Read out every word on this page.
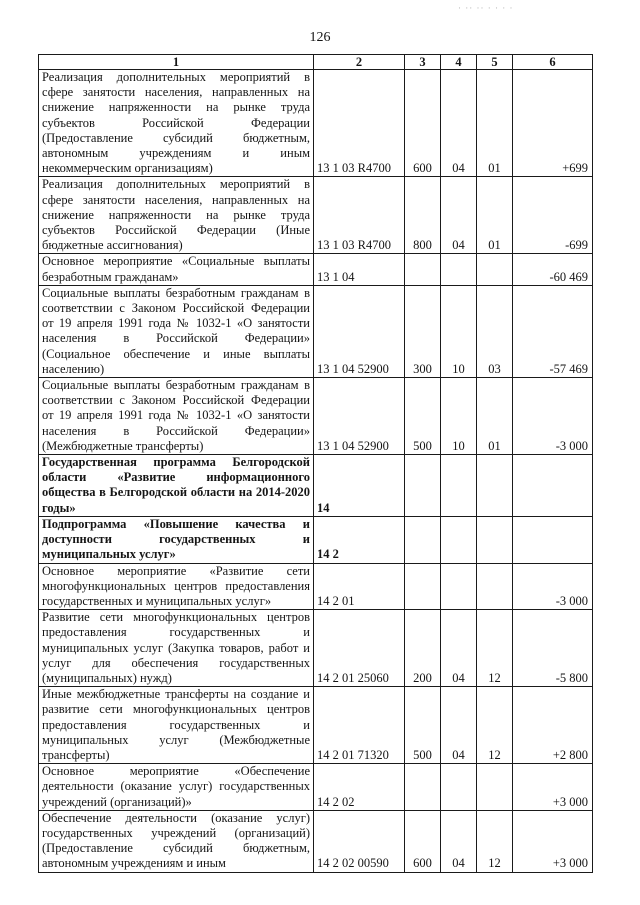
· ·· ·· · · · ·
126
1	2	3	4	5	6
Реализация дополнительных мероприятий в сфере занятости населения, направленных на снижение напряженности на рынке труда субъектов Российской Федерации (Предоставление субсидий бюджетным, автономным учреждениям и иным некоммерческим организациям)	13 1 03 R4700	600	04	01	+699
Реализация дополнительных мероприятий в сфере занятости населения, направленных на снижение напряженности на рынке труда субъектов Российской Федерации (Иные бюджетные ассигнования)	13 1 03 R4700	800	04	01	-699
Основное мероприятие «Социальные выплаты безработным гражданам»	13 1 04				-60 469
Социальные выплаты безработным гражданам в соответствии с Законом Российской Федерации от 19 апреля 1991 года № 1032-1 «О занятости населения в Российской Федерации» (Социальное обеспечение и иные выплаты населению)	13 1 04 52900	300	10	03	-57 469
Социальные выплаты безработным гражданам в соответствии с Законом Российской Федерации от 19 апреля 1991 года № 1032-1 «О занятости населения в Российской Федерации» (Межбюджетные трансферты)	13 1 04 52900	500	10	01	-3 000
Государственная программа Белгородской области «Развитие информационного общества в Белгородской области на 2014-2020 годы»	14				
Подпрограмма «Повышение качества и доступности государственных и муниципальных услуг»	14 2				
Основное мероприятие «Развитие сети многофункциональных центров предоставления государственных и муниципальных услуг»	14 2 01				-3 000
Развитие сети многофункциональных центров предоставления государственных и муниципальных услуг (Закупка товаров, работ и услуг для обеспечения государственных (муниципальных) нужд)	14 2 01 25060	200	04	12	-5 800
Иные межбюджетные трансферты на создание и развитие сети многофункциональных центров предоставления государственных и муниципальных услуг (Межбюджетные трансферты)	14 2 01 71320	500	04	12	+2 800
Основное мероприятие «Обеспечение деятельности (оказание услуг) государственных учреждений (организаций)»	14 2 02				+3 000
Обеспечение деятельности (оказание услуг) государственных учреждений (организаций) (Предоставление субсидий бюджетным, автономным учреждениям и иным	14 2 02 00590	600	04	12	+3 000
